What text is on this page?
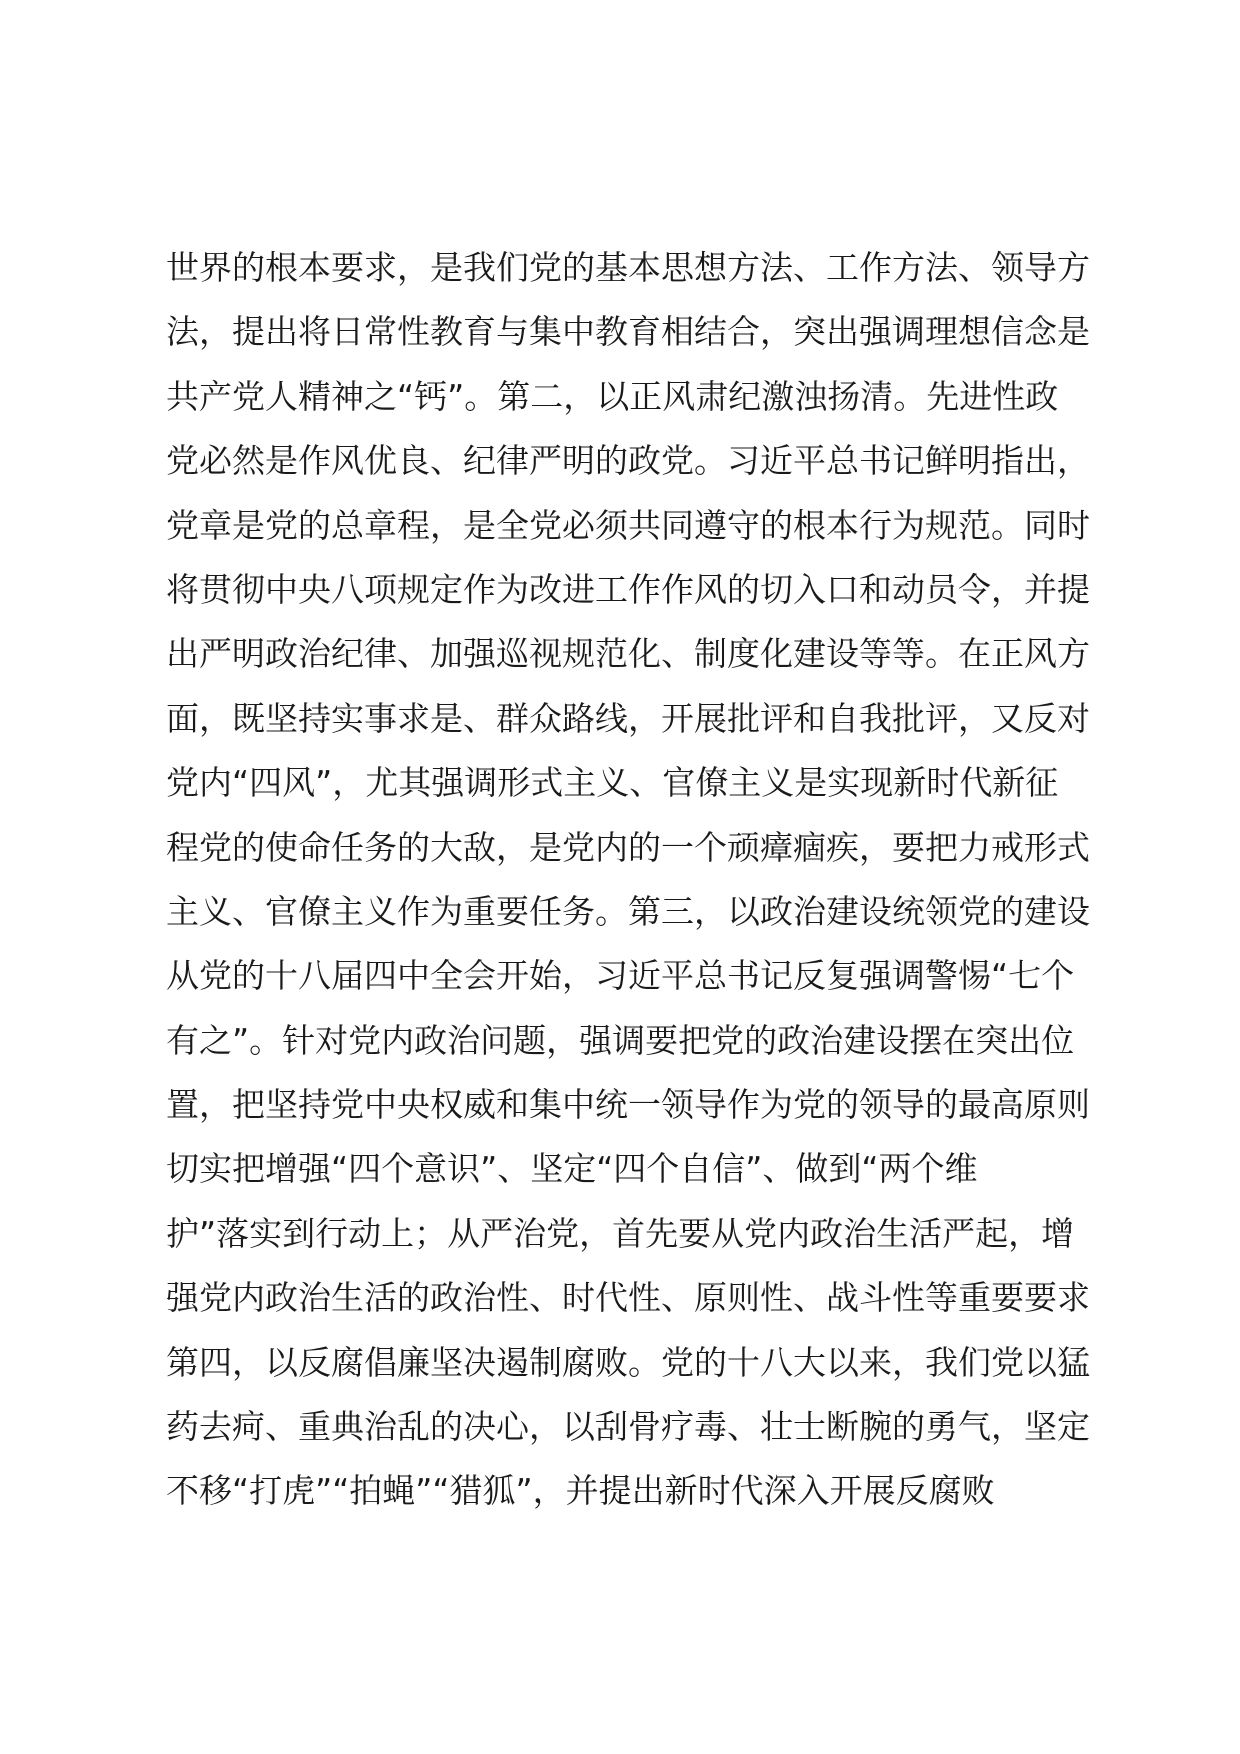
世界的根本要求，是我们党的基本思想方法、工作方法、领导方
法，提出将日常性教育与集中教育相结合，突出强调理想信念是
共产党人精神之“钙”。第二，以正风肃纪激浊扬清。先进性政
党必然是作风优良、纪律严明的政党。习近平总书记鲜明指出，
党章是党的总章程，是全党必须共同遵守的根本行为规范。同时
将贯彻中央八项规定作为改进工作作风的切入口和动员令，并提
出严明政治纪律、加强巡视规范化、制度化建设等等。在正风方
面，既坚持实事求是、群众路线，开展批评和自我批评，又反对
党内“四风”，尤其强调形式主义、官僚主义是实现新时代新征
程党的使命任务的大敌，是党内的一个顽瘴痼疾，要把力戒形式
主义、官僚主义作为重要任务。第三，以政治建设统领党的建设
从党的十八届四中全会开始，习近平总书记反复强调警惕“七个
有之”。针对党内政治问题，强调要把党的政治建设摆在突出位
置，把坚持党中央权威和集中统一领导作为党的领导的最高原则
切实把增强“四个意识”、坚定“四个自信”、做到“两个维
护”落实到行动上；从严治党，首先要从党内政治生活严起，增
强党内政治生活的政治性、时代性、原则性、战斗性等重要要求
第四，以反腐倡廉坚决遏制腐败。党的十八大以来，我们党以猛
药去疴、重典治乱的决心，以刮骨疗毒、壮士断腕的勇气，坚定
不移“打虎”“拍蝇”“猎狐”，并提出新时代深入开展反腐败
